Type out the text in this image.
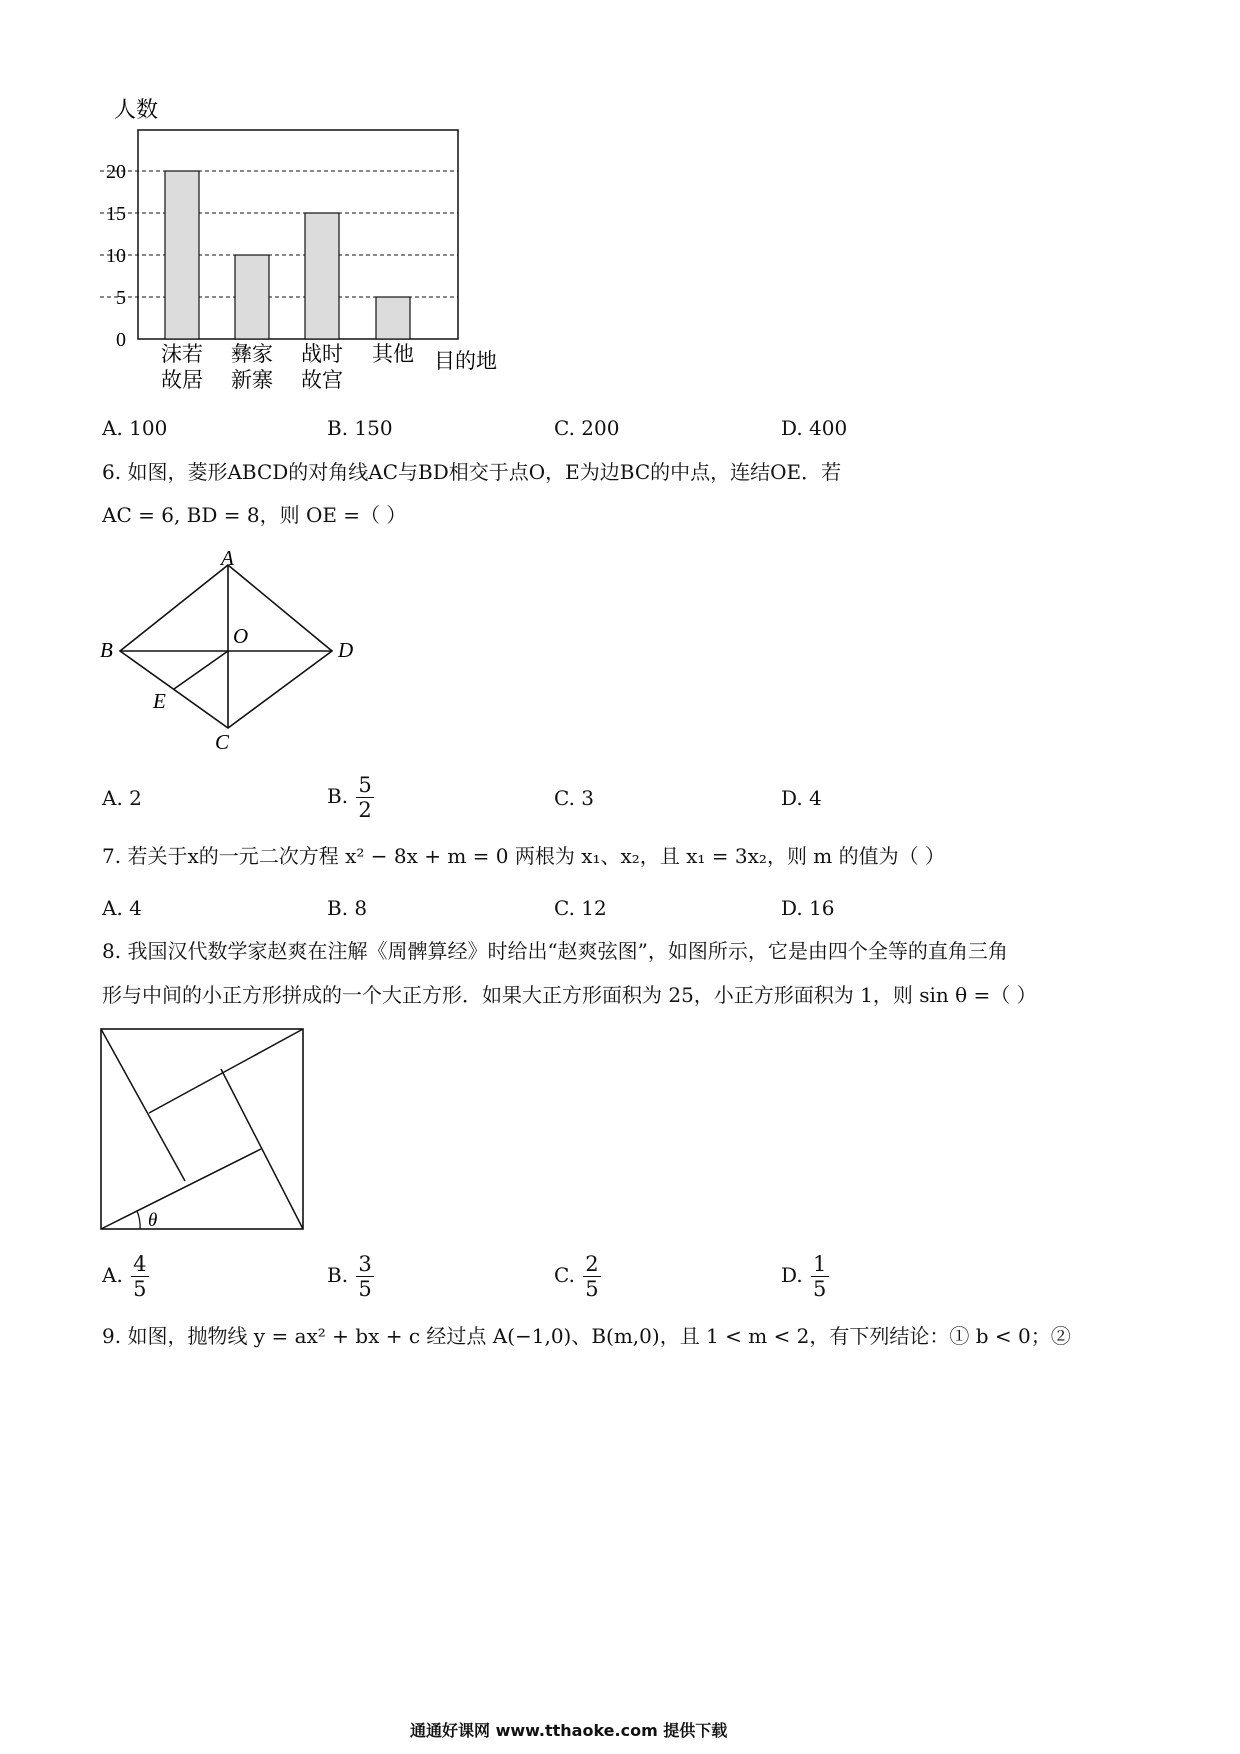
人数
20
15
10
5
0
沫若
故居
彝家
新寨
战时
故宫
其他 目的地
A. 100	B. 150	C. 200	D. 400
6. 如图，菱形ABCD的对角线AC与BD相交于点O，E为边BC的中点，连结OE．若
AC = 6, BD = 8，则 OE =（ ）
A
B
C
D
O
E
A. 2	B. $\frac{5}{2}$	C. 3	D. 4
7. 若关于x的一元二次方程 x² − 8x + m = 0 两根为 x₁、x₂，且 x₁ = 3x₂，则 m 的值为（ ）
A. 4	B. 8	C. 12	D. 16
8. 我国汉代数学家赵爽在注解《周髀算经》时给出“赵爽弦图”，如图所示，它是由四个全等的直角三角
形与中间的小正方形拼成的一个大正方形．如果大正方形面积为 25，小正方形面积为 1，则 sin θ =（ ）
θ
A. $\frac{4}{5}$	B. $\frac{3}{5}$	C. $\frac{2}{5}$	D. $\frac{1}{5}$
9. 如图，抛物线 y = ax² + bx + c 经过点 A(−1,0)、B(m,0)，且 1 < m < 2，有下列结论：① b < 0；②
通通好课网 www.tthaoke.com 提供下载
